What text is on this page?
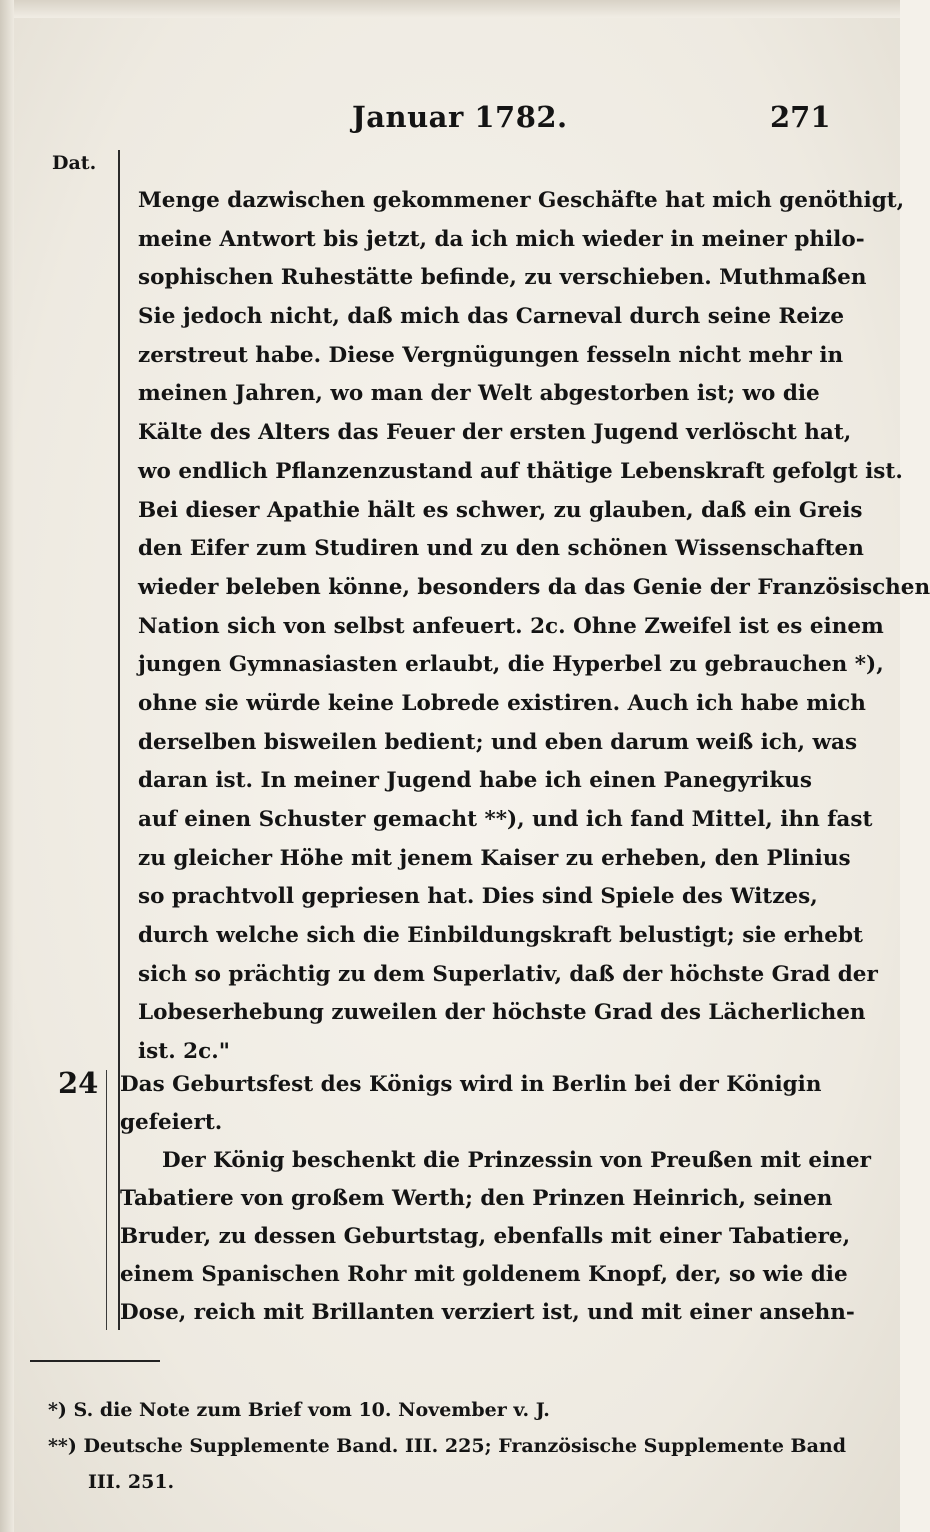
Januar 1782.	271
Dat.
Menge dazwischen gekommener Geschäfte hat mich genöthigt,
meine Antwort bis jetzt, da ich mich wieder in meiner philo-
sophischen Ruhestätte befinde, zu verschieben. Muthmaßen
Sie jedoch nicht, daß mich das Carneval durch seine Reize
zerstreut habe. Diese Vergnügungen fesseln nicht mehr in
meinen Jahren, wo man der Welt abgestorben ist; wo die
Kälte des Alters das Feuer der ersten Jugend verlöscht hat,
wo endlich Pflanzenzustand auf thätige Lebenskraft gefolgt ist.
Bei dieser Apathie hält es schwer, zu glauben, daß ein Greis
den Eifer zum Studiren und zu den schönen Wissenschaften
wieder beleben könne, besonders da das Genie der Französischen
Nation sich von selbst anfeuert. 2c. Ohne Zweifel ist es einem
jungen Gymnasiasten erlaubt, die Hyperbel zu gebrauchen *),
ohne sie würde keine Lobrede existiren. Auch ich habe mich
derselben bisweilen bedient; und eben darum weiß ich, was
daran ist. In meiner Jugend habe ich einen Panegyrikus
auf einen Schuster gemacht **), und ich fand Mittel, ihn fast
zu gleicher Höhe mit jenem Kaiser zu erheben, den Plinius
so prachtvoll gepriesen hat. Dies sind Spiele des Witzes,
durch welche sich die Einbildungskraft belustigt; sie erhebt
sich so prächtig zu dem Superlativ, daß der höchste Grad der
Lobeserhebung zuweilen der höchste Grad des Lächerlichen
ist. 2c."
24 Das Geburtsfest des Königs wird in Berlin bei der Königin
gefeiert.
Der König beschenkt die Prinzessin von Preußen mit einer
Tabatiere von großem Werth; den Prinzen Heinrich, seinen
Bruder, zu dessen Geburtstag, ebenfalls mit einer Tabatiere,
einem Spanischen Rohr mit goldenem Knopf, der, so wie die
Dose, reich mit Brillanten verziert ist, und mit einer ansehn-
*) S. die Note zum Brief vom 10. November v. J.
**) Deutsche Supplemente Band. III. 225; Französische Supplemente Band
III. 251.
